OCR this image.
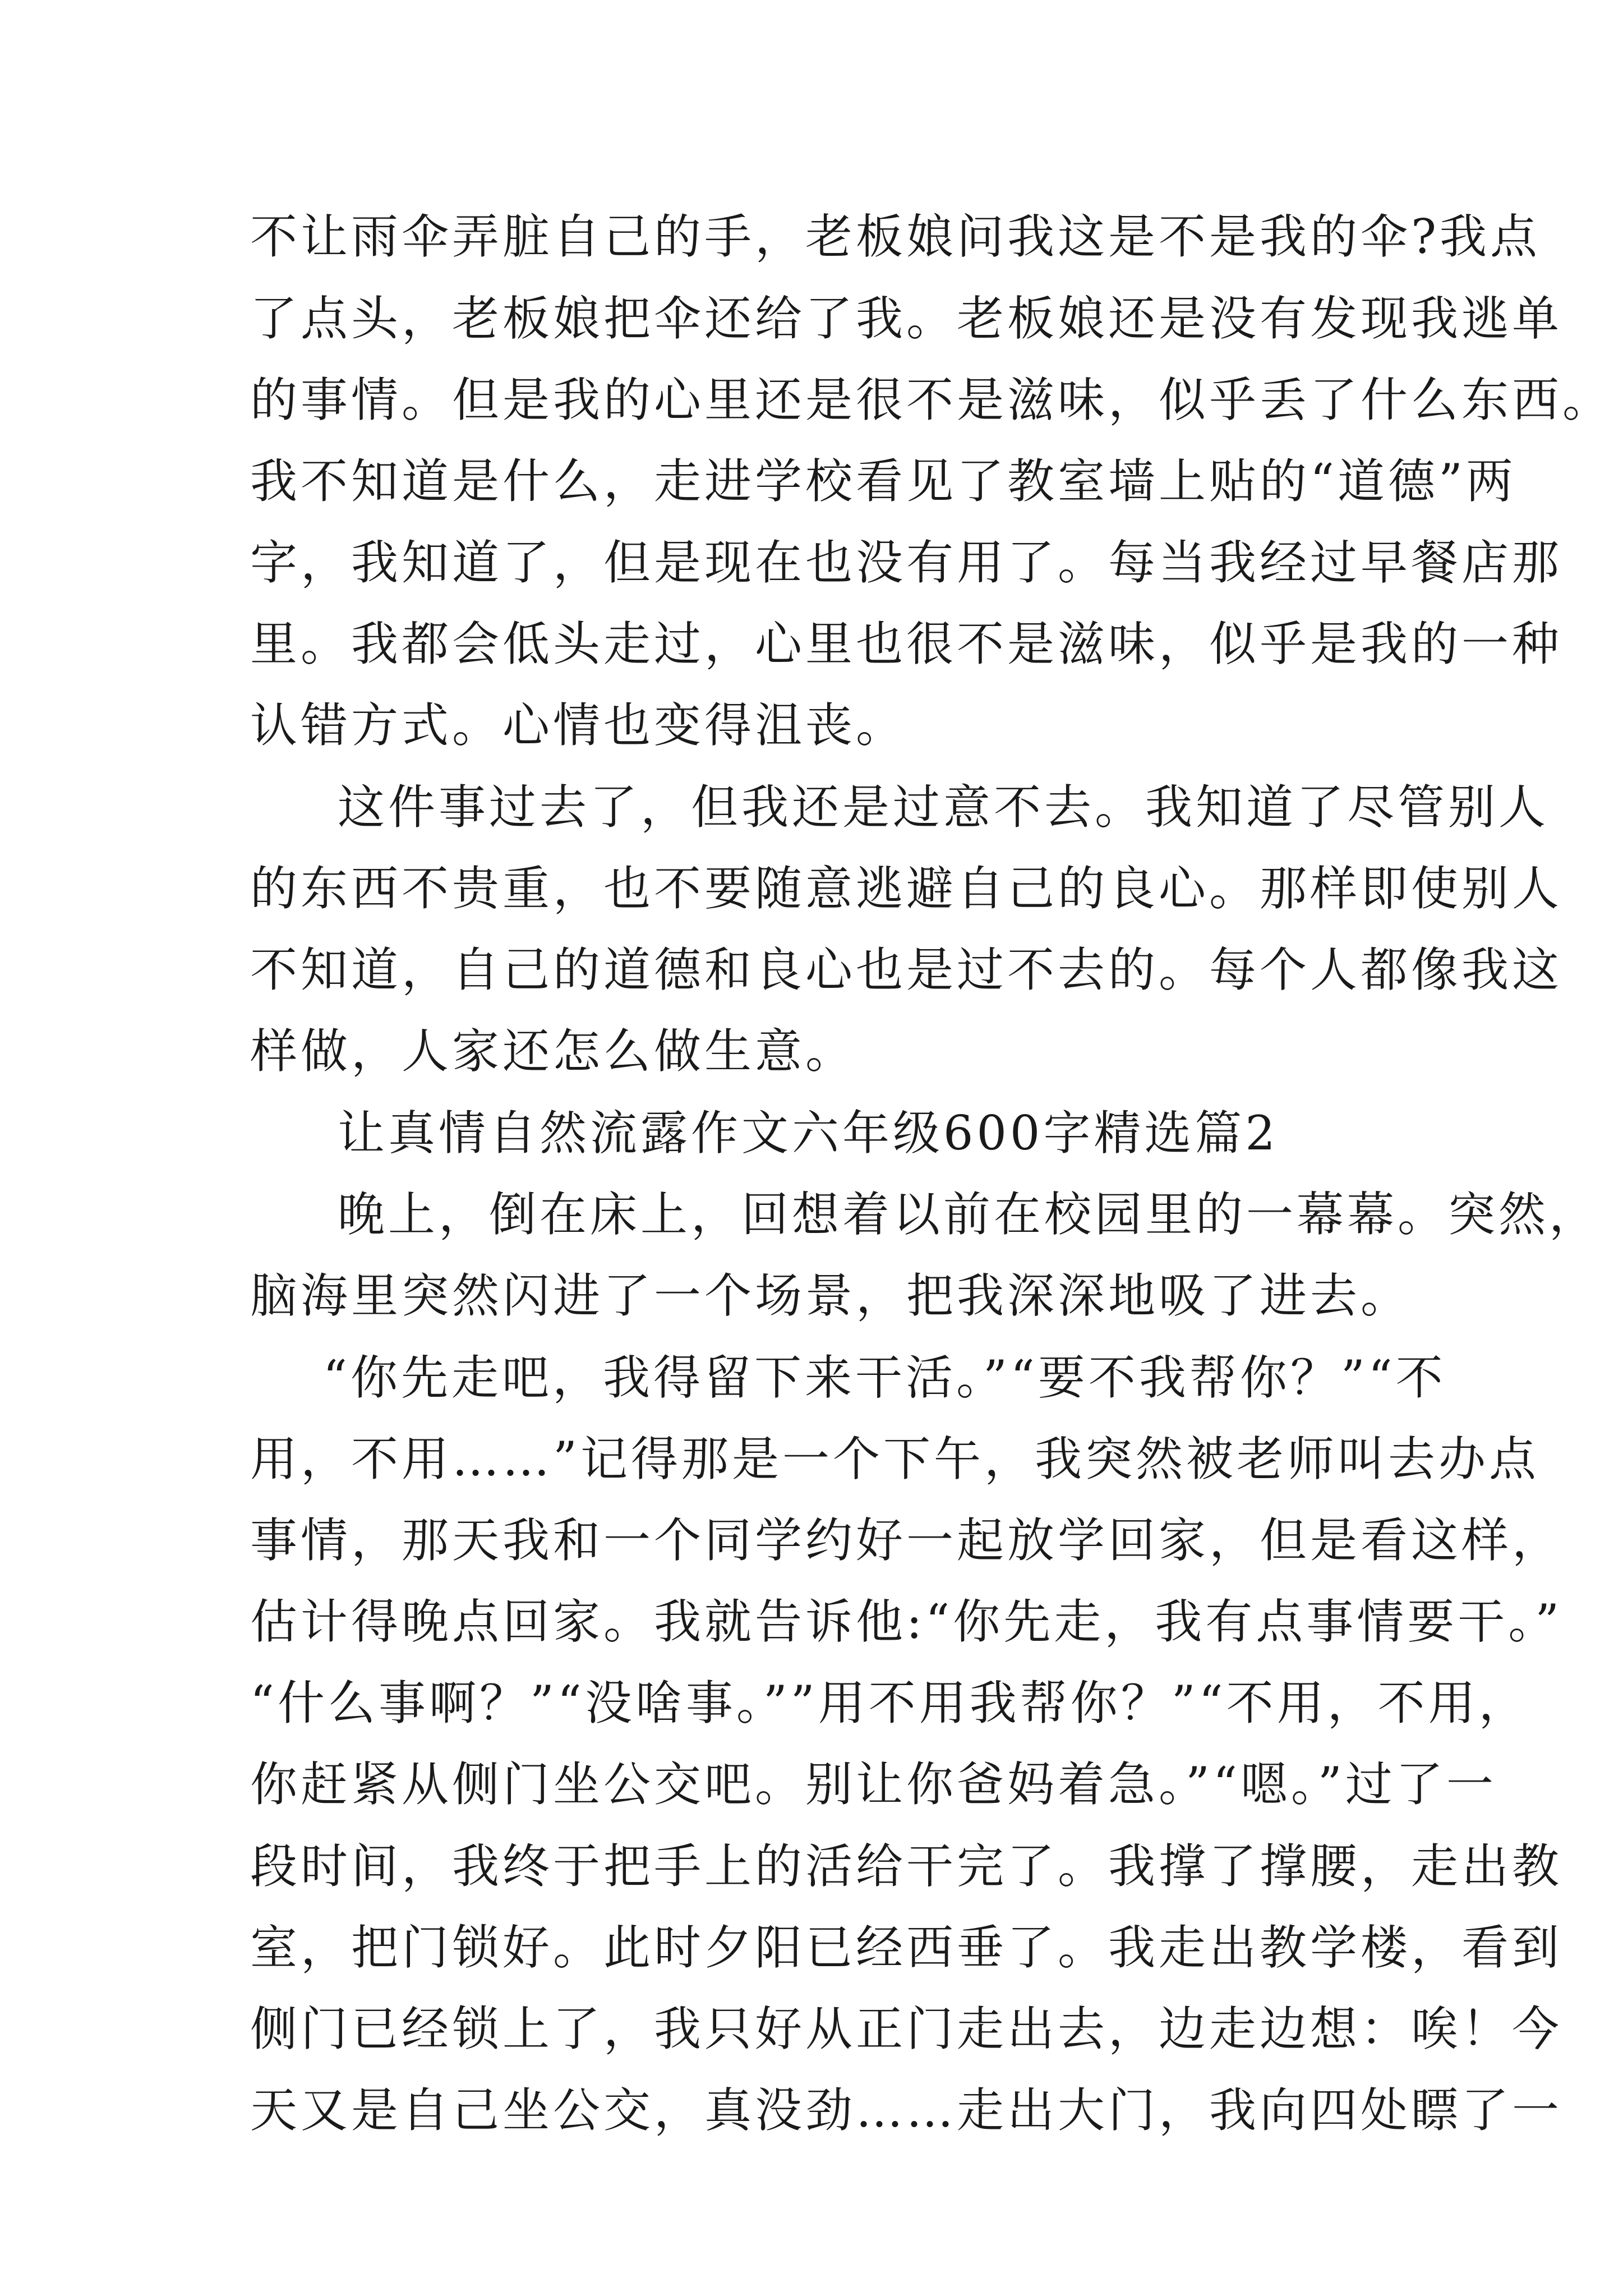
不让雨伞弄脏自己的手，老板娘问我这是不是我的伞?我点
了点头，老板娘把伞还给了我。老板娘还是没有发现我逃单
的事情。但是我的心里还是很不是滋味，似乎丢了什么东西。
我不知道是什么，走进学校看见了教室墙上贴的“道德”两
字，我知道了，但是现在也没有用了。每当我经过早餐店那
里。我都会低头走过，心里也很不是滋味，似乎是我的一种
认错方式。心情也变得沮丧。
这件事过去了，但我还是过意不去。我知道了尽管别人
的东西不贵重，也不要随意逃避自己的良心。那样即使别人
不知道，自己的道德和良心也是过不去的。每个人都像我这
样做，人家还怎么做生意。
让真情自然流露作文六年级600字精选篇2
晚上，倒在床上，回想着以前在校园里的一幕幕。突然，
脑海里突然闪进了一个场景，把我深深地吸了进去。
“你先走吧，我得留下来干活。”“要不我帮你？”“不
用，不用……”记得那是一个下午，我突然被老师叫去办点
事情，那天我和一个同学约好一起放学回家，但是看这样，
估计得晚点回家。我就告诉他:“你先走，我有点事情要干。”
“什么事啊？”“没啥事。””用不用我帮你？”“不用，不用，
你赶紧从侧门坐公交吧。别让你爸妈着急。”“嗯。”过了一
段时间，我终于把手上的活给干完了。我撑了撑腰，走出教
室，把门锁好。此时夕阳已经西垂了。我走出教学楼，看到
侧门已经锁上了，我只好从正门走出去，边走边想：唉！今
天又是自己坐公交，真没劲……走出大门，我向四处瞟了一
